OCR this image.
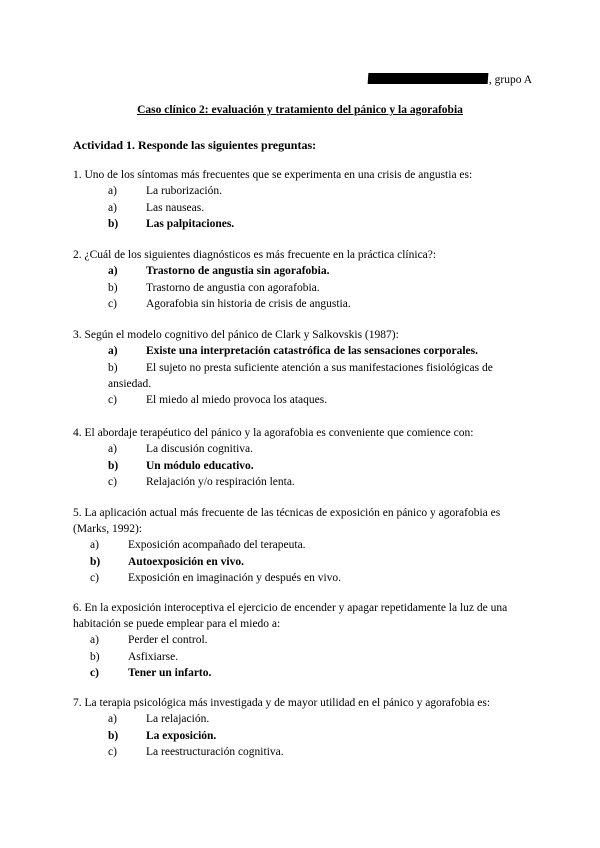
, grupo A
Caso clínico 2: evaluación y tratamiento del pánico y la agorafobia
Actividad 1. Responde las siguientes preguntas:
1. Uno de los síntomas más frecuentes que se experimenta en una crisis de angustia es:
a)	La ruborización.
a)	Las nauseas.
b)	Las palpitaciones.
2. ¿Cuál de los siguientes diagnósticos es más frecuente en la práctica clínica?:
a)	Trastorno de angustia sin agorafobia.
b)	Trastorno de angustia con agorafobia.
c)	Agorafobia sin historia de crisis de angustia.
3. Según el modelo cognitivo del pánico de Clark y Salkovskis (1987):
a)	Existe una interpretación catastrófica de las sensaciones corporales.
b) El sujeto no presta suficiente atención a sus manifestaciones fisiológicas de ansiedad.
c)	El miedo al miedo provoca los ataques.
4. El abordaje terapéutico del pánico y la agorafobia es conveniente que comience con:
a)	La discusión cognitiva.
b)	Un módulo educativo.
c)	Relajación y/o respiración lenta.
5. La aplicación actual más frecuente de las técnicas de exposición en pánico y agorafobia es (Marks, 1992):
a)	Exposición acompañado del terapeuta.
b)	Autoexposición en vivo.
c)	Exposición en imaginación y después en vivo.
6. En la exposición interoceptiva el ejercicio de encender y apagar repetidamente la luz de una habitación se puede emplear para el miedo a:
a)	Perder el control.
b)	Asfixiarse.
c)	Tener un infarto.
7. La terapia psicológica más investigada y de mayor utilidad en el pánico y agorafobia es:
a)	La relajación.
b)	La exposición.
c)	La reestructuración cognitiva.
